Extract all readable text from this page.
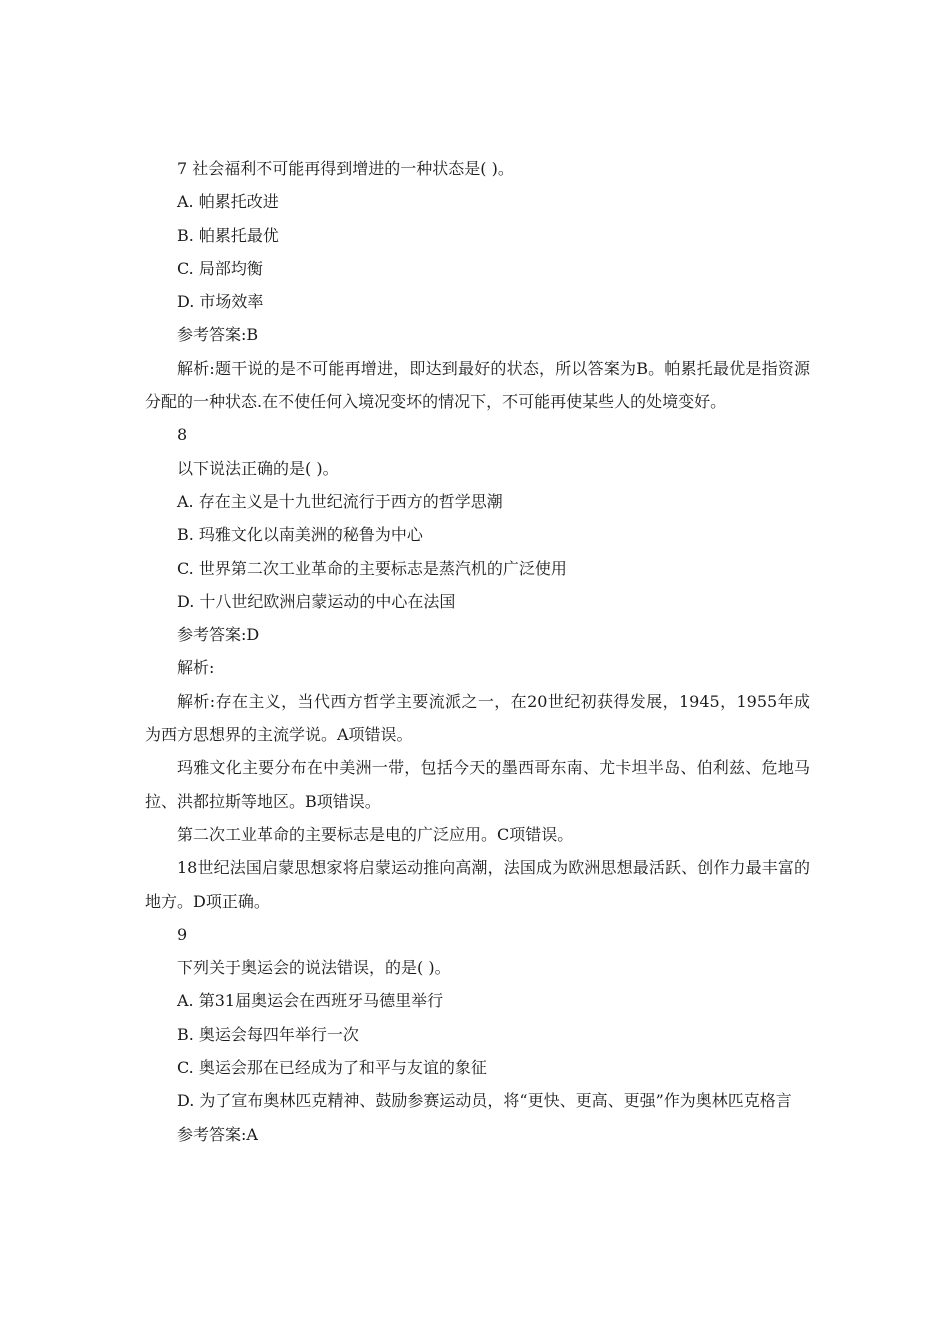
7 社会福利不可能再得到增进的一种状态是( )。

A. 帕累托改进

B. 帕累托最优

C. 局部均衡

D. 市场效率

参考答案:B

解析:题干说的是不可能再增进，即达到最好的状态，所以答案为B。帕累托最优是指资源分配的一种状态.在不使任何入境况变坏的情况下，不可能再使某些人的处境变好。

8

以下说法正确的是( )。

A. 存在主义是十九世纪流行于西方的哲学思潮

B. 玛雅文化以南美洲的秘鲁为中心

C. 世界第二次工业革命的主要标志是蒸汽机的广泛使用

D. 十八世纪欧洲启蒙运动的中心在法国

参考答案:D

解析:

解析:存在主义，当代西方哲学主要流派之一，在20世纪初获得发展，1945，1955年成为西方思想界的主流学说。A项错误。

玛雅文化主要分布在中美洲一带，包括今天的墨西哥东南、尤卡坦半岛、伯利兹、危地马拉、洪都拉斯等地区。B项错误。

第二次工业革命的主要标志是电的广泛应用。C项错误。

18世纪法国启蒙思想家将启蒙运动推向高潮，法国成为欧洲思想最活跃、创作力最丰富的地方。D项正确。

9

下列关于奥运会的说法错误，的是( )。

A. 第31届奥运会在西班牙马德里举行

B. 奥运会每四年举行一次

C. 奥运会那在已经成为了和平与友谊的象征

D. 为了宣布奥林匹克精神、鼓励参赛运动员，将“更快、更高、更强”作为奥林匹克格言

参考答案:A
